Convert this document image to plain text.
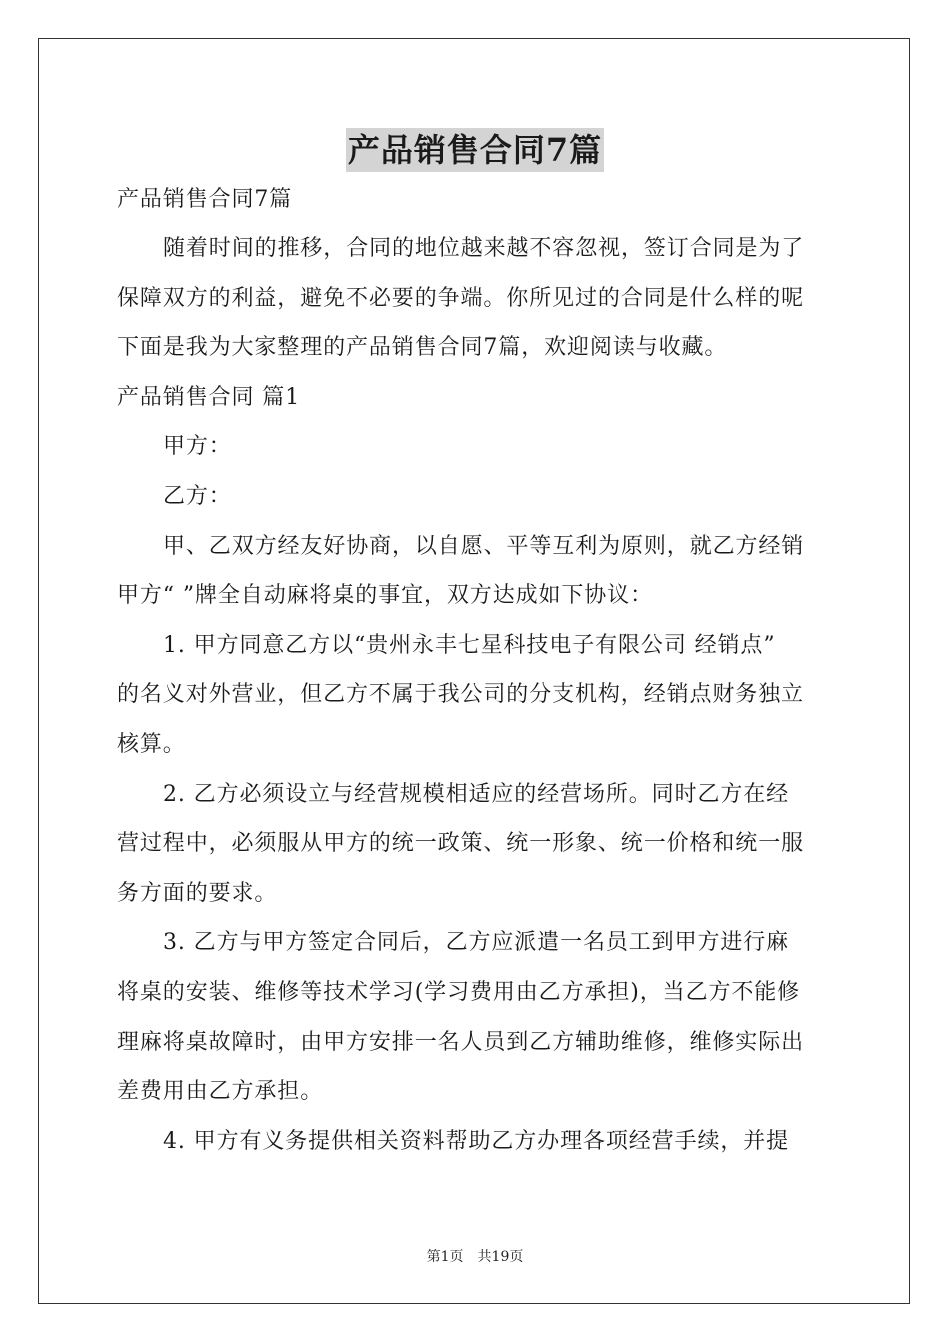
产品销售合同7篇
产品销售合同7篇
随着时间的推移，合同的地位越来越不容忽视，签订合同是为了
保障双方的利益，避免不必要的争端。你所见过的合同是什么样的呢
下面是我为大家整理的产品销售合同7篇，欢迎阅读与收藏。
产品销售合同 篇1
甲方：
乙方：
甲、乙双方经友好协商，以自愿、平等互利为原则，就乙方经销
甲方“ ”牌全自动麻将桌的事宜，双方达成如下协议：
1. 甲方同意乙方以“贵州永丰七星科技电子有限公司 经销点”
的名义对外营业，但乙方不属于我公司的分支机构，经销点财务独立
核算。
2. 乙方必须设立与经营规模相适应的经营场所。同时乙方在经
营过程中，必须服从甲方的统一政策、统一形象、统一价格和统一服
务方面的要求。
3. 乙方与甲方签定合同后，乙方应派遣一名员工到甲方进行麻
将桌的安装、维修等技术学习(学习费用由乙方承担)，当乙方不能修
理麻将桌故障时，由甲方安排一名人员到乙方辅助维修，维修实际出
差费用由乙方承担。
4. 甲方有义务提供相关资料帮助乙方办理各项经营手续，并提
第1页　共19页
